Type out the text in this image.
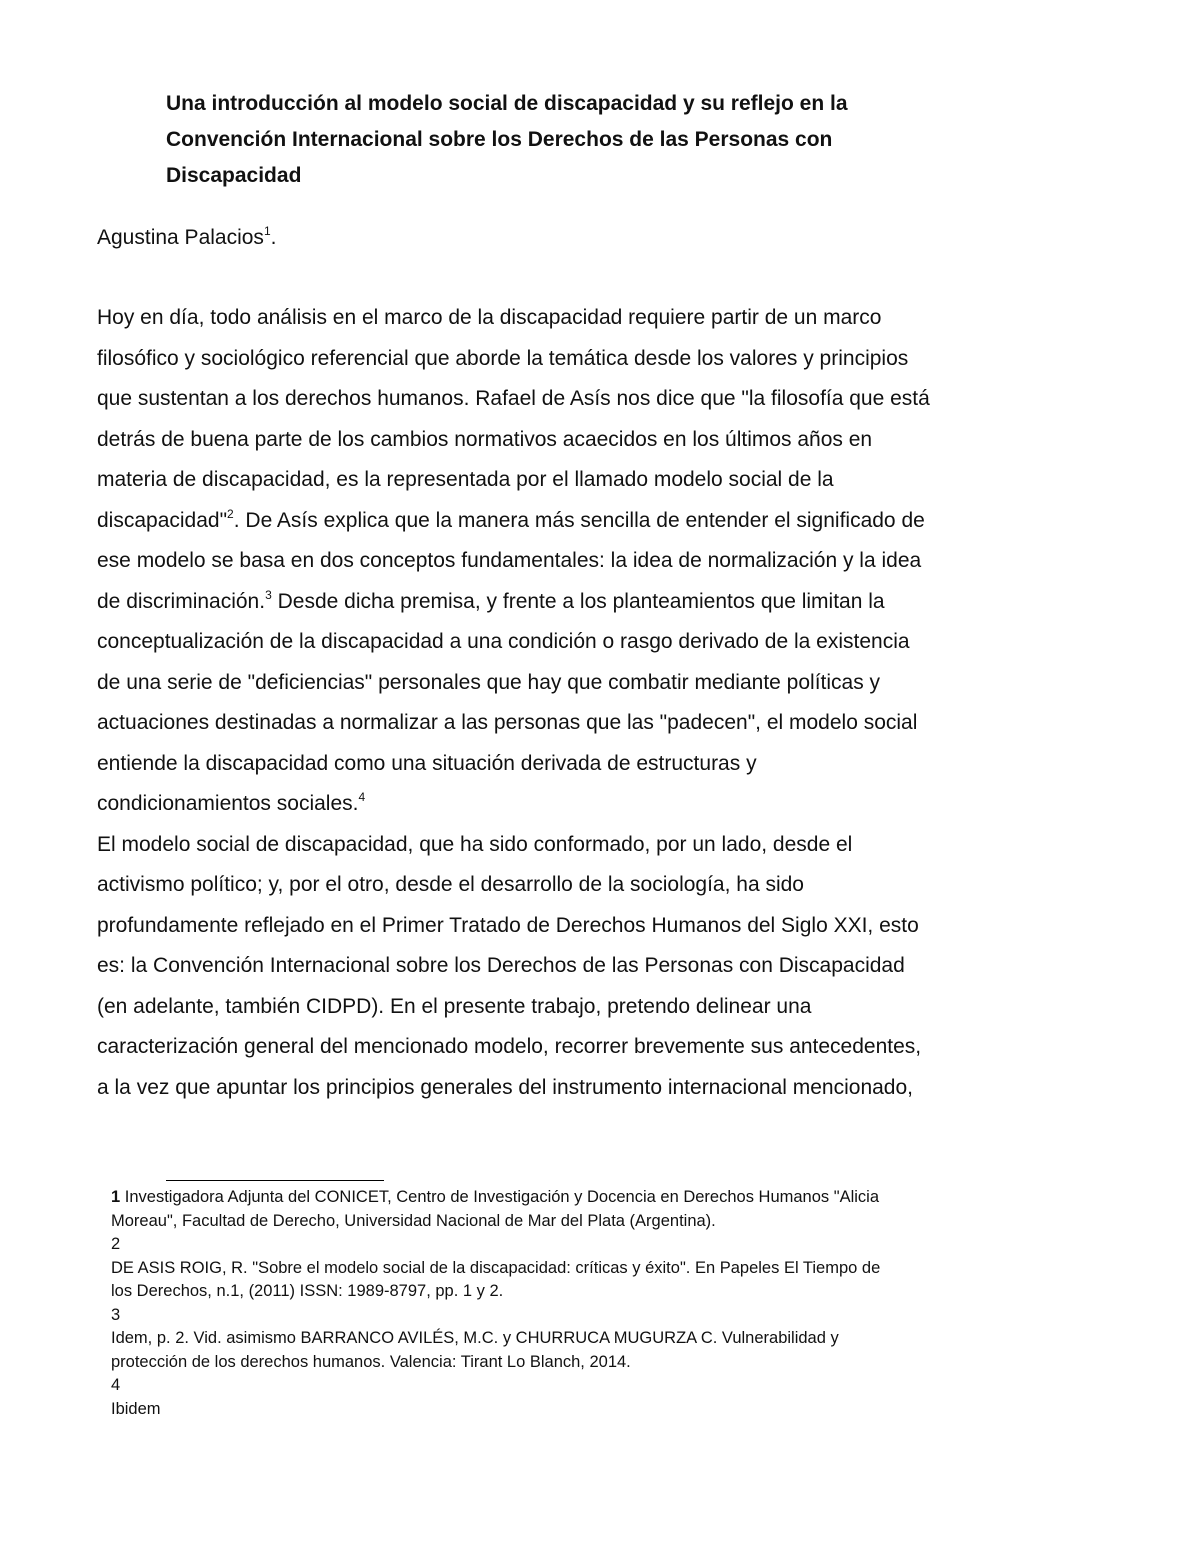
Una introducción al modelo social de discapacidad y su reflejo en la
Convención Internacional sobre los Derechos de las Personas con
Discapacidad

Agustina Palacios$^1$.

Hoy en día, todo análisis en el marco de la discapacidad requiere partir de un marco
filosófico y sociológico referencial que aborde la temática desde los valores y principios
que sustentan a los derechos humanos. Rafael de Asís nos dice que "la filosofía que está
detrás de buena parte de los cambios normativos acaecidos en los últimos años en
materia de discapacidad, es la representada por el llamado modelo social de la
discapacidad"$^2$. De Asís explica que la manera más sencilla de entender el significado de
ese modelo se basa en dos conceptos fundamentales: la idea de normalización y la idea
de discriminación.$^3$ Desde dicha premisa, y frente a los planteamientos que limitan la
conceptualización de la discapacidad a una condición o rasgo derivado de la existencia
de una serie de "deficiencias" personales que hay que combatir mediante políticas y
actuaciones destinadas a normalizar a las personas que las "padecen", el modelo social
entiende la discapacidad como una situación derivada de estructuras y
condicionamientos sociales.$^4$
El modelo social de discapacidad, que ha sido conformado, por un lado, desde el
activismo político; y, por el otro, desde el desarrollo de la sociología, ha sido
profundamente reflejado en el Primer Tratado de Derechos Humanos del Siglo XXI, esto
es: la Convención Internacional sobre los Derechos de las Personas con Discapacidad
(en adelante, también CIDPD). En el presente trabajo, pretendo delinear una
caracterización general del mencionado modelo, recorrer brevemente sus antecedentes,
a la vez que apuntar los principios generales del instrumento internacional mencionado,
1 Investigadora Adjunta del CONICET, Centro de Investigación y Docencia en Derechos Humanos "Alicia
Moreau", Facultad de Derecho, Universidad Nacional de Mar del Plata (Argentina).
2
DE ASIS ROIG, R. "Sobre el modelo social de la discapacidad: críticas y éxito". En Papeles El Tiempo de
los Derechos, n.1, (2011) ISSN: 1989-8797, pp. 1 y 2.
3
Idem, p. 2. Vid. asimismo BARRANCO AVILÉS, M.C. y CHURRUCA MUGURZA C. Vulnerabilidad y
protección de los derechos humanos. Valencia: Tirant Lo Blanch, 2014.
4
Ibidem
